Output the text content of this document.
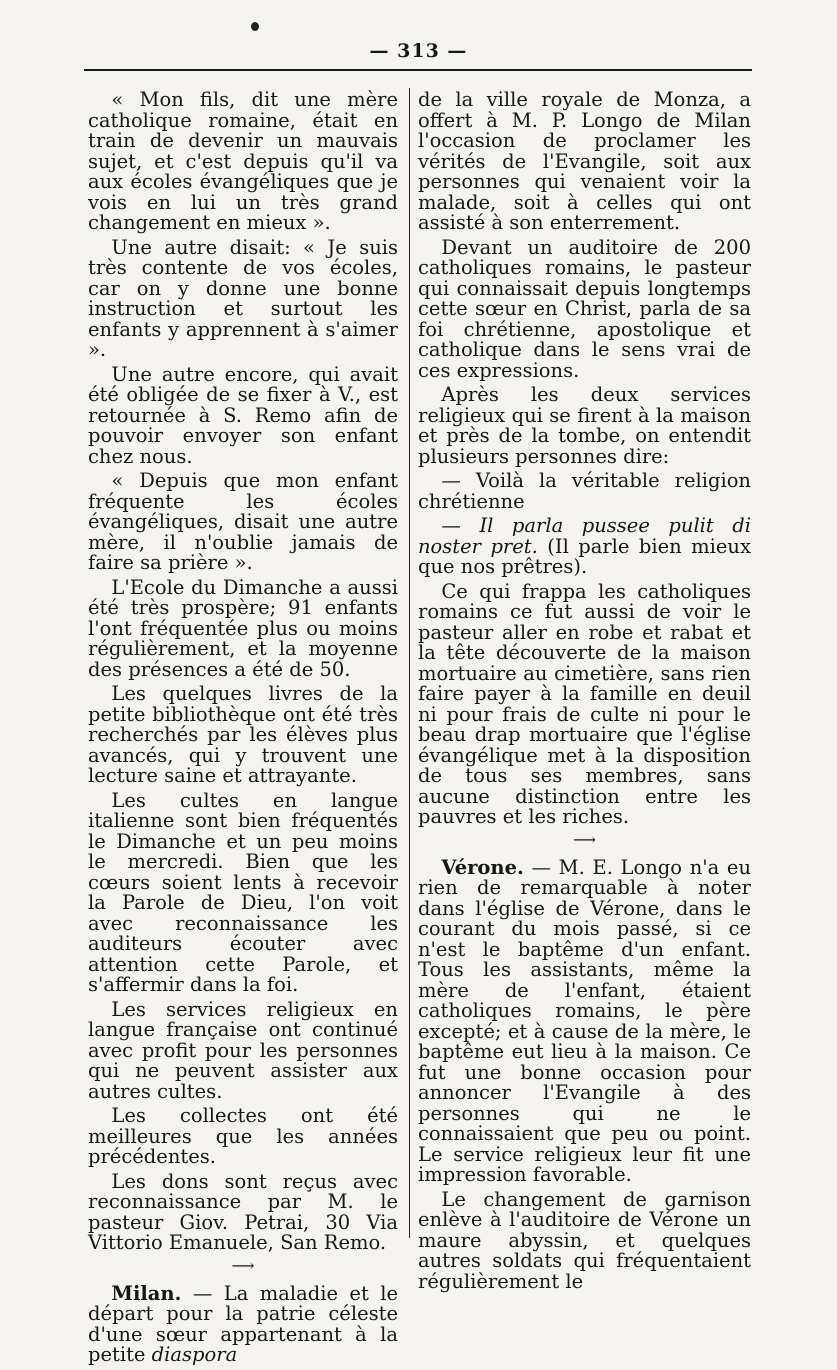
— 313 —

« Mon fils, dit une mère catholique romaine, était en train de devenir un mauvais sujet, et c'est depuis qu'il va aux écoles évangéliques que je vois en lui un très grand changement en mieux ».

Une autre disait: « Je suis très contente de vos écoles, car on y donne une bonne instruction et surtout les enfants y apprennent à s'aimer ».

Une autre encore, qui avait été obligée de se fixer à V., est retournée à S. Remo afin de pouvoir envoyer son enfant chez nous.

« Depuis que mon enfant fréquente les écoles évangéliques, disait une autre mère, il n'oublie jamais de faire sa prière ».

L'Ecole du Dimanche a aussi été très prospère; 91 enfants l'ont fréquentée plus ou moins régulièrement, et la moyenne des présences a été de 50.

Les quelques livres de la petite bibliothèque ont été très recherchés par les élèves plus avancés, qui y trouvent une lecture saine et attrayante.

Les cultes en langue italienne sont bien fréquentés le Dimanche et un peu moins le mercredi. Bien que les cœurs soient lents à recevoir la Parole de Dieu, l'on voit avec reconnaissance les auditeurs écouter avec attention cette Parole, et s'affermir dans la foi.

Les services religieux en langue française ont continué avec profit pour les personnes qui ne peuvent assister aux autres cultes.

Les collectes ont été meilleures que les années précédentes.

Les dons sont reçus avec reconnaissance par M. le pasteur Giov. Petrai, 30 Via Vittorio Emanuele, San Remo.

⟶

Milan. — La maladie et le départ pour la patrie céleste d'une sœur appartenant à la petite diaspora

de la ville royale de Monza, a offert à M. P. Longo de Milan l'occasion de proclamer les vérités de l'Evangile, soit aux personnes qui venaient voir la malade, soit à celles qui ont assisté à son enterrement.

Devant un auditoire de 200 catholiques romains, le pasteur qui connaissait depuis longtemps cette sœur en Christ, parla de sa foi chrétienne, apostolique et catholique dans le sens vrai de ces expressions.

Après les deux services religieux qui se firent à la maison et près de la tombe, on entendit plusieurs personnes dire:

— Voilà la véritable religion chrétienne

— Il parla pussee pulit di noster pret. (Il parle bien mieux que nos prêtres).

Ce qui frappa les catholiques romains ce fut aussi de voir le pasteur aller en robe et rabat et la tête découverte de la maison mortuaire au cimetière, sans rien faire payer à la famille en deuil ni pour frais de culte ni pour le beau drap mortuaire que l'église évangélique met à la disposition de tous ses membres, sans aucune distinction entre les pauvres et les riches.

⟶

Vérone. — M. E. Longo n'a eu rien de remarquable à noter dans l'église de Vérone, dans le courant du mois passé, si ce n'est le baptême d'un enfant. Tous les assistants, même la mère de l'enfant, étaient catholiques romains, le père excepté; et à cause de la mère, le baptême eut lieu à la maison. Ce fut une bonne occasion pour annoncer l'Evangile à des personnes qui ne le connaissaient que peu ou point. Le service religieux leur fit une impression favorable.

Le changement de garnison enlève à l'auditoire de Vérone un maure abyssin, et quelques autres soldats qui fréquentaient régulièrement le
